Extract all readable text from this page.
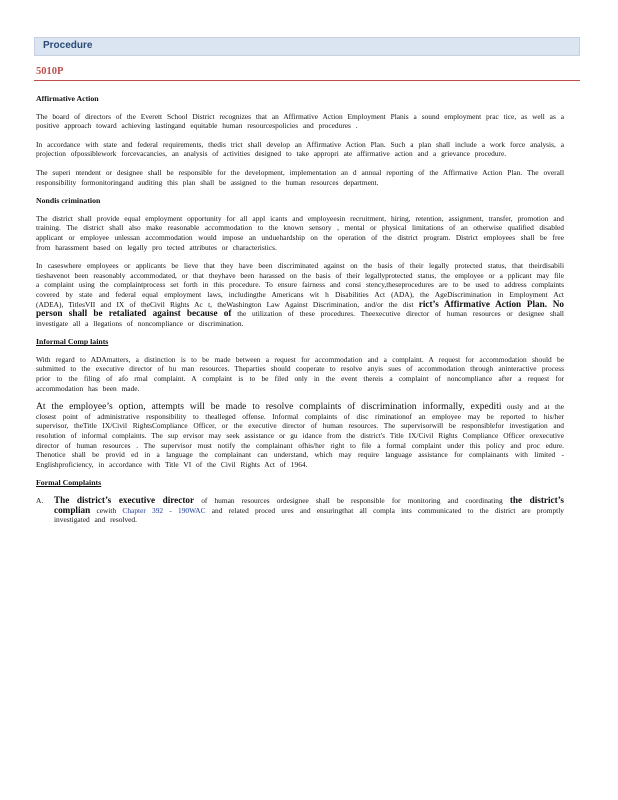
Procedure
5010P
Affirmative Action

The board of directors of the Everett School District recognizes that an Affirmative Action Employment Planis a sound employment prac tice, as well as a positive approach toward achieving lastingand equitable human resourcespolicies and procedures .

In accordance with state and federal requirements, thedis trict shall develop an Affirmative Action Plan. Such a plan shall include a work force analysis, a projection ofpossiblework forcevacancies, an analysis of activities designed to take appropri ate affirmative action and a grievance procedure.

The superi ntendent or designee shall be responsible for the development, implementation an d annual reporting of the Affirmative Action Plan. The overall responsibility formonitoringand auditing this plan shall be assigned to the human resources department.

Nondis crimination

The district shall provide equal employment opportunity for all appl icants and employeesin recruitment, hiring, retention, assignment, transfer, promotion and training. The district shall also make reasonable accommodation to the known sensory , mental or physical limitations of an otherwise qualified disabled applicant or employee unlessan accommodation would impose an unduehardship on the operation of the district program. District employees shall be free from harassment based on legally pro tected attributes or characteristics.

In caseswhere employees or applicants be lieve that they have been discriminated against on the basis of their legally protected status, that theirdisabili tieshavenot been reasonably accommodated, or that theyhave been harassed on the basis of their legallyprotected status, the employee or a pplicant may file a complaint using the complaintprocess set forth in this procedure. To ensure fairness and consi stency,theseprocedures are to be used to address complaints covered by state and federal equal employment laws, includingthe Americans wit h Disabilities Act (ADA), the AgeDiscrimination in Employment Act (ADEA), TitlesVII and IX of theCivil Rights Ac t, theWashington Law Against Discrimination, and/or the dist rict’s Affirmative Action Plan. No person shall be retaliated against because of the utilization of these procedures. Theexecutive director of human resources or designee shall investigate all a llegations of noncompliance or discrimination.

Informal Comp laints

With regard to ADAmatters, a distinction is to be made between a request for accommodation and a complaint. A request for accommodation should be submitted to the executive director of hu man resources. Theparties should cooperate to resolve anyis sues of accommodation through aninteractive process prior to the filing of afo rmal complaint. A complaint is to be filed only in the event thereis a complaint of noncompliance after a request for accommodation has been made.

At the employee’s option, attempts will be made to resolve complaints of discrimination informally, expediti ously and at the closest point of administrative responsibility to thealleged offense. Informal complaints of disc riminationof an employee may be reported to his/her supervisor, theTitle IX/Civil RightsCompliance Officer, or the executive director of human resources. The supervisorwill be responsiblefor investigation and resolution of informal complaints. The sup ervisor may seek assistance or gu idance from the district's Title IX/Civil Rights Compliance Officer orexecutive director of human resources . The supervisor must notify the complainant ofhis/her right to file a formal complaint under this policy and proc edure. Thenotice shall be provid ed in a language the complainant can understand, which may require language assistance for complainants with limited - Englishproficiency, in accordance with Title VI of the Civil Rights Act of 1964.

Formal Complaints
A. The district’s executive director of human resources ordesignee shall be responsible for monitoring and coordinating the district’s complian cewith Chapter 392 - 190WAC and related proced ures and ensuringthat all compla ints communicated to the district are promptly investigated and resolved.
